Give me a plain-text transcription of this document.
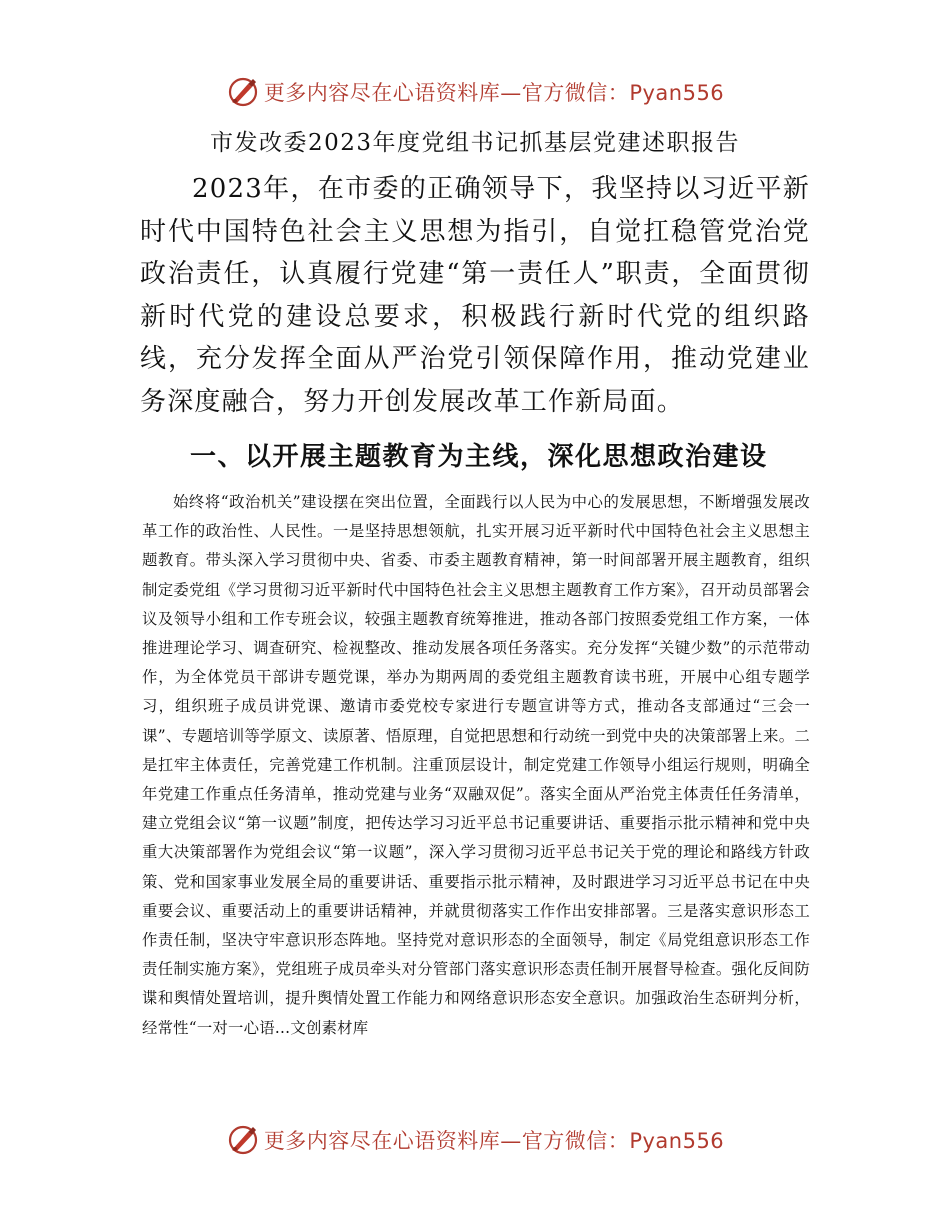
更多内容尽在心语资料库—官方微信：Pyan556
市发改委2023年度党组书记抓基层党建述职报告

2023年，在市委的正确领导下，我坚持以习近平新时代中国特色社会主义思想为指引，自觉扛稳管党治党政治责任，认真履行党建“第一责任人”职责，全面贯彻新时代党的建设总要求，积极践行新时代党的组织路线，充分发挥全面从严治党引领保障作用，推动党建业务深度融合，努力开创发展改革工作新局面。

一、以开展主题教育为主线，深化思想政治建设

始终将“政治机关”建设摆在突出位置，全面践行以人民为中心的发展思想，不断增强发展改革工作的政治性、人民性。一是坚持思想领航，扎实开展习近平新时代中国特色社会主义思想主题教育。带头深入学习贯彻中央、省委、市委主题教育精神，第一时间部署开展主题教育，组织制定委党组《学习贯彻习近平新时代中国特色社会主义思想主题教育工作方案》，召开动员部署会议及领导小组和工作专班会议，较强主题教育统筹推进，推动各部门按照委党组工作方案，一体推进理论学习、调查研究、检视整改、推动发展各项任务落实。充分发挥“关键少数”的示范带动作，为全体党员干部讲专题党课，举办为期两周的委党组主题教育读书班，开展中心组专题学习，组织班子成员讲党课、邀请市委党校专家进行专题宣讲等方式，推动各支部通过“三会一课”、专题培训等学原文、读原著、悟原理，自觉把思想和行动统一到党中央的决策部署上来。二是扛牢主体责任，完善党建工作机制。注重顶层设计，制定党建工作领导小组运行规则，明确全年党建工作重点任务清单，推动党建与业务“双融双促”。落实全面从严治党主体责任任务清单，建立党组会议“第一议题”制度，把传达学习习近平总书记重要讲话、重要指示批示精神和党中央重大决策部署作为党组会议“第一议题”，深入学习贯彻习近平总书记关于党的理论和路线方针政策、党和国家事业发展全局的重要讲话、重要指示批示精神，及时跟进学习习近平总书记在中央重要会议、重要活动上的重要讲话精神，并就贯彻落实工作作出安排部署。三是落实意识形态工作责任制，坚决守牢意识形态阵地。坚持党对意识形态的全面领导，制定《局党组意识形态工作责任制实施方案》，党组班子成员牵头对分管部门落实意识形态责任制开展督导检查。强化反间防谍和舆情处置培训，提升舆情处置工作能力和网络意识形态安全意识。加强政治生态研判分析，经常性“一对一心语…文创素材库

更多内容尽在心语资料库—官方微信：Pyan556
